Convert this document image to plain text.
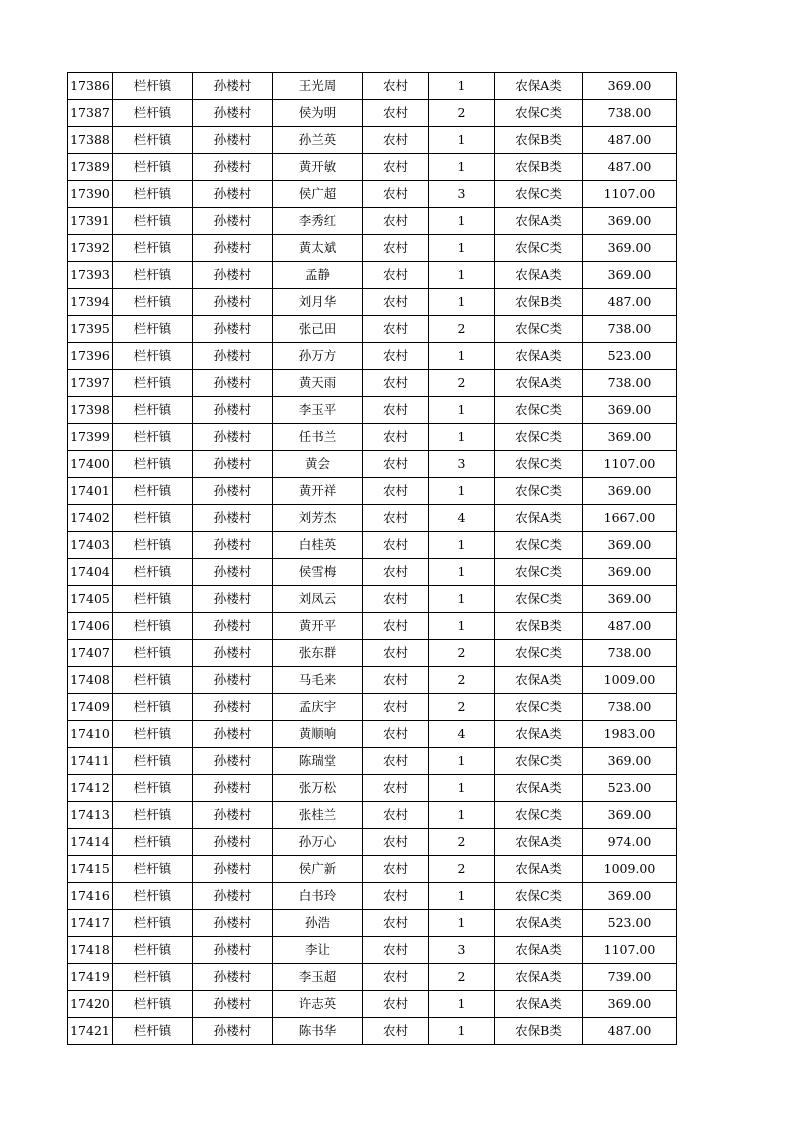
17386	栏杆镇	孙楼村	王光周	农村	1	农保A类	369.00
17387	栏杆镇	孙楼村	侯为明	农村	2	农保C类	738.00
17388	栏杆镇	孙楼村	孙兰英	农村	1	农保B类	487.00
17389	栏杆镇	孙楼村	黄开敏	农村	1	农保B类	487.00
17390	栏杆镇	孙楼村	侯广超	农村	3	农保C类	1107.00
17391	栏杆镇	孙楼村	李秀红	农村	1	农保A类	369.00
17392	栏杆镇	孙楼村	黄太斌	农村	1	农保C类	369.00
17393	栏杆镇	孙楼村	孟静	农村	1	农保A类	369.00
17394	栏杆镇	孙楼村	刘月华	农村	1	农保B类	487.00
17395	栏杆镇	孙楼村	张己田	农村	2	农保C类	738.00
17396	栏杆镇	孙楼村	孙万方	农村	1	农保A类	523.00
17397	栏杆镇	孙楼村	黄天雨	农村	2	农保A类	738.00
17398	栏杆镇	孙楼村	李玉平	农村	1	农保C类	369.00
17399	栏杆镇	孙楼村	任书兰	农村	1	农保C类	369.00
17400	栏杆镇	孙楼村	黄会	农村	3	农保C类	1107.00
17401	栏杆镇	孙楼村	黄开祥	农村	1	农保C类	369.00
17402	栏杆镇	孙楼村	刘芳杰	农村	4	农保A类	1667.00
17403	栏杆镇	孙楼村	白桂英	农村	1	农保C类	369.00
17404	栏杆镇	孙楼村	侯雪梅	农村	1	农保C类	369.00
17405	栏杆镇	孙楼村	刘凤云	农村	1	农保C类	369.00
17406	栏杆镇	孙楼村	黄开平	农村	1	农保B类	487.00
17407	栏杆镇	孙楼村	张东群	农村	2	农保C类	738.00
17408	栏杆镇	孙楼村	马毛来	农村	2	农保A类	1009.00
17409	栏杆镇	孙楼村	孟庆宇	农村	2	农保C类	738.00
17410	栏杆镇	孙楼村	黄顺响	农村	4	农保A类	1983.00
17411	栏杆镇	孙楼村	陈瑞堂	农村	1	农保C类	369.00
17412	栏杆镇	孙楼村	张万松	农村	1	农保A类	523.00
17413	栏杆镇	孙楼村	张桂兰	农村	1	农保C类	369.00
17414	栏杆镇	孙楼村	孙万心	农村	2	农保A类	974.00
17415	栏杆镇	孙楼村	侯广新	农村	2	农保A类	1009.00
17416	栏杆镇	孙楼村	白书玲	农村	1	农保C类	369.00
17417	栏杆镇	孙楼村	孙浩	农村	1	农保A类	523.00
17418	栏杆镇	孙楼村	李让	农村	3	农保A类	1107.00
17419	栏杆镇	孙楼村	李玉超	农村	2	农保A类	739.00
17420	栏杆镇	孙楼村	许志英	农村	1	农保A类	369.00
17421	栏杆镇	孙楼村	陈书华	农村	1	农保B类	487.00
